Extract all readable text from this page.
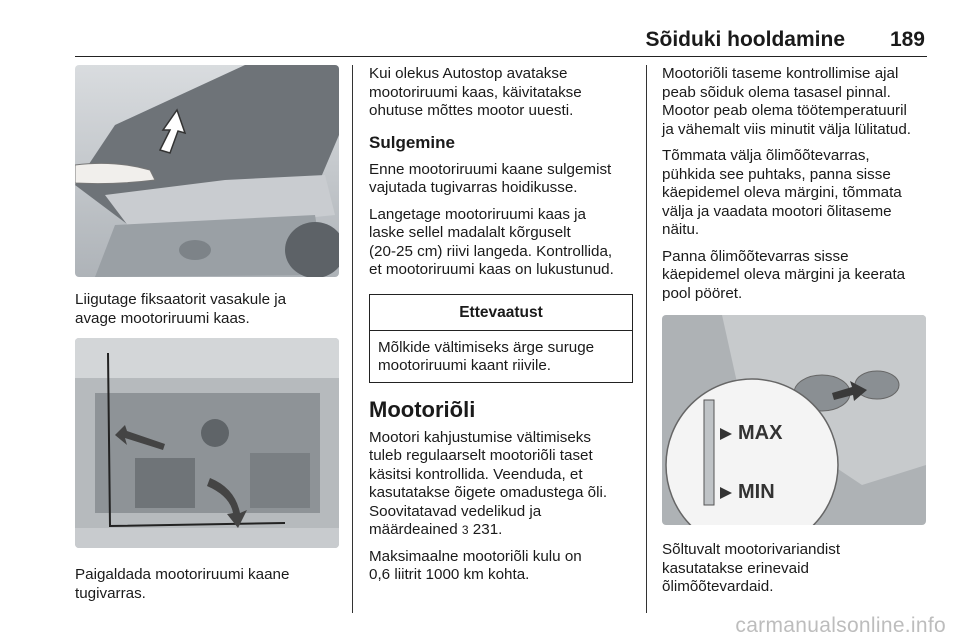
Sõiduki hooldamine 189

Liigutage fiksaatorit vasakule ja
avage mootoriruumi kaas.

Paigaldada mootoriruumi kaane
tugivarras.

Kui olekus Autostop avatakse
mootoriruumi kaas, käivitatakse
ohutuse mõttes mootor uuesti.

Sulgemine

Enne mootoriruumi kaane sulgemist
vajutada tugivarras hoidikusse.

Langetage mootoriruumi kaas ja
laske sellel madalalt kõrguselt
(20-25 cm) riivi langeda. Kontrollida,
et mootoriruumi kaas on lukustunud.

Ettevaatust

Mõlkide vältimiseks ärge suruge
mootoriruumi kaant riivile.

Mootoriõli

Mootori kahjustumise vältimiseks
tuleb regulaarselt mootoriõli taset
käsitsi kontrollida. Veenduda, et
kasutatakse õigete omadustega õli.
Soovitatavad vedelikud ja
määrdeained 3 231.

Maksimaalne mootoriõli kulu on
0,6 liitrit 1000 km kohta.

Mootoriõli taseme kontrollimise ajal
peab sõiduk olema tasasel pinnal.
Mootor peab olema töötemperatuuril
ja vähemalt viis minutit välja lülitatud.

Tõmmata välja õlimõõtevarras,
pühkida see puhtaks, panna sisse
käepidemel oleva märgini, tõmmata
välja ja vaadata mootori õlitaseme
näitu.

Panna õlimõõtevarras sisse
käepidemel oleva märgini ja keerata
pool pööret.

MAX
MIN

Sõltuvalt mootorivariandist
kasutatakse erinevaid
õlimõõtevardaid.

carmanualsonline.info
